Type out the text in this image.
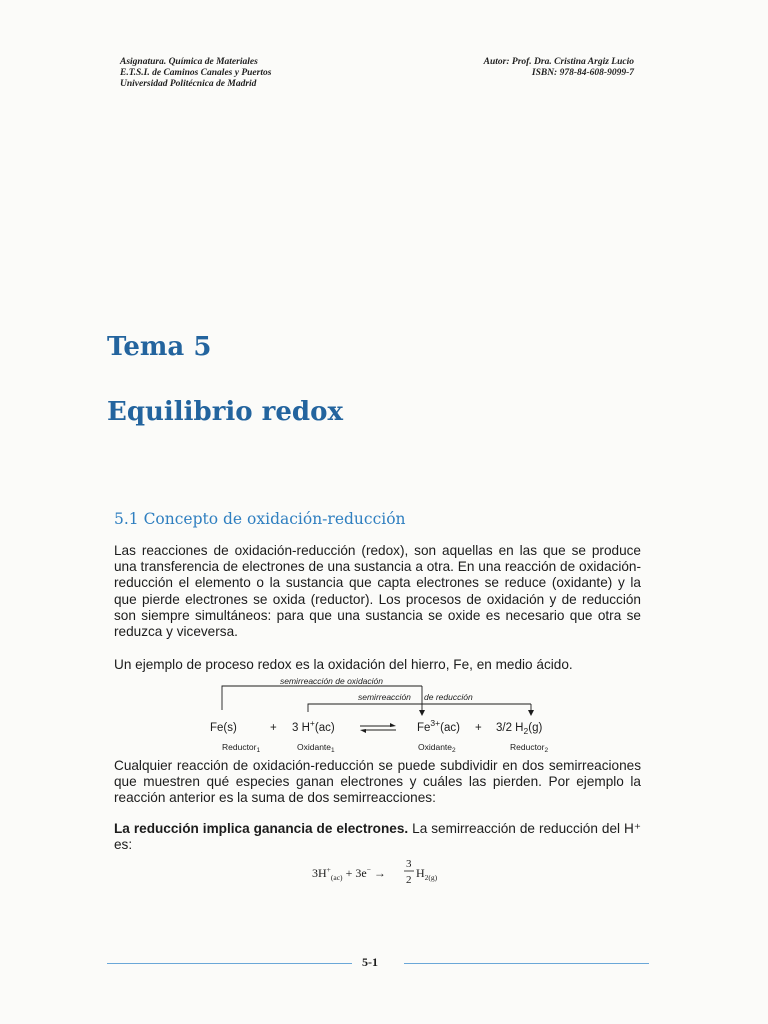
Asignatura. Química de Materiales
E.T.S.I. de Caminos Canales y Puertos
Universidad Politécnica de Madrid
Autor: Prof. Dra. Cristina Argiz Lucio
ISBN: 978-84-608-9099-7
Tema 5
Equilibrio redox
5.1 Concepto de oxidación-reducción
Las reacciones de oxidación-reducción (redox), son aquellas en las que se produce una transferencia de electrones de una sustancia a otra. En una reacción de oxidación-reducción el elemento o la sustancia que capta electrones se reduce (oxidante) y la que pierde electrones se oxida (reductor). Los procesos de oxidación y de reducción son siempre simultáneos: para que una sustancia se oxide es necesario que otra se reduzca y viceversa.
Un ejemplo de proceso redox es la oxidación del hierro, Fe, en medio ácido.
semirreacción de oxidación
semirreacción de reducción
Fe(s)	+ 3 H+(ac)	$Fe^{3+}(ac) + 3/2$ $H_2(g)$
Reductor$_1$	Oxidante$_1$	Oxidante$_2$	Reductor$_2$
Cualquier reacción de oxidación-reducción se puede subdividir en dos semirreaciones que muestren qué especies ganan electrones y cuáles las pierden. Por ejemplo la reacción anterior es la suma de dos semirreacciones:
La reducción implica ganancia de electrones. La semirreacción de reducción del H⁺ es:
$3H^+_{(ac)} + 3e^-$ →
3
2 $H_{2(g)}$
5-1
